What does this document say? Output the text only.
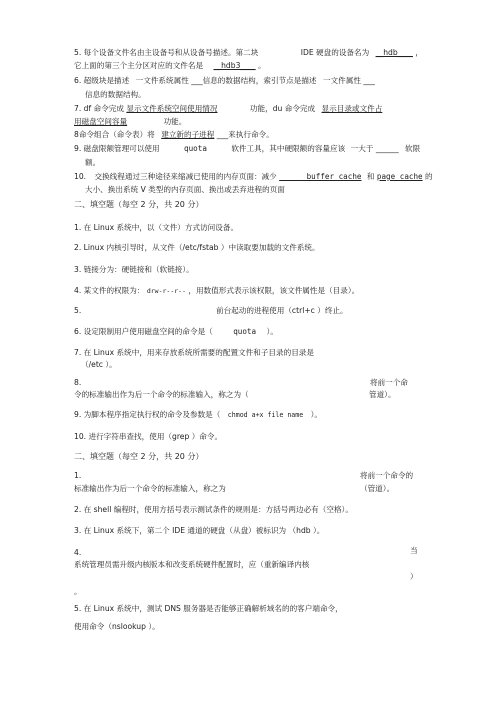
5. 每个设备文件名由主设备号和从设备号描述。第二块	IDE 硬盘的设备名为 __hdb____ ，
它上面的第三个主分区对应的文件名是 __hdb3____ 。
6. 超级块是描述 一文件系统属性 ___信息的数据结构，索引节点是描述 一文件属性 ___
信息的数据结构。
7. df 命令完成 显示文件系统空间使用情况	功能，du 命令完成 显示目录或文件占
用磁盘空间容量	功能。
8命令组合（命令表）将 建立新的子进程 ___来执行命令。
9. 磁盘限额管理可以使用	quota	软件工具，其中硬限额的容量应该 一大于 ______ 软限
额。
10. 交换线程通过三种途径来缩减已使用的内存页面：减少 ______buffer cache 和 page cache 的
大小、换出系统 V 类型的内存页面、换出或丢弃进程的页面
二、填空题（每空 2 分，共 20 分）
1. 在 Linux 系统中，以（文件）方式访问设备。
2. Linux 内核引导时，从文件（/etc/fstab ）中读取要加载的文件系统。
3. 链接分为：硬链接和（软链接）。
4. 某文件的权限为： drw-r--r-- ，用数值形式表示该权限，该文件属性是（目录）。
5.	前台起动的进程使用（ctrl+c ）终止。
6. 设定限制用户使用磁盘空间的命令是（	quota ）。
7. 在 Linux 系统中，用来存放系统所需要的配置文件和子目录的目录是
（/etc ）。
8.	将前一个命
令的标准输出作为后一个命令的标准输入，称之为（	管道）。
9. 为脚本程序指定执行权的命令及参数是（ chmod a+x file name ）。
10. 进行字符串查找，使用（grep ）命令。
二、填空题（每空 2 分，共 20 分）
1.	将前一个命令的
标准输出作为后一个命令的标准输入，称之为	（管道）。
2. 在 shell 编程时，使用方括号表示测试条件的规则是：方括号两边必有（空格）。
3. 在 Linux 系统下，第二个 IDE 通道的硬盘（从盘）被标识为 （hdb ）。
4.	当
系统管理员需升级内核版本和改变系统硬件配置时，应（重新编译内核
）
。
5. 在 Linux 系统中，测试 DNS 服务器是否能够正确解析域名的的客户端命令，
使用命令（nslookup ）。
